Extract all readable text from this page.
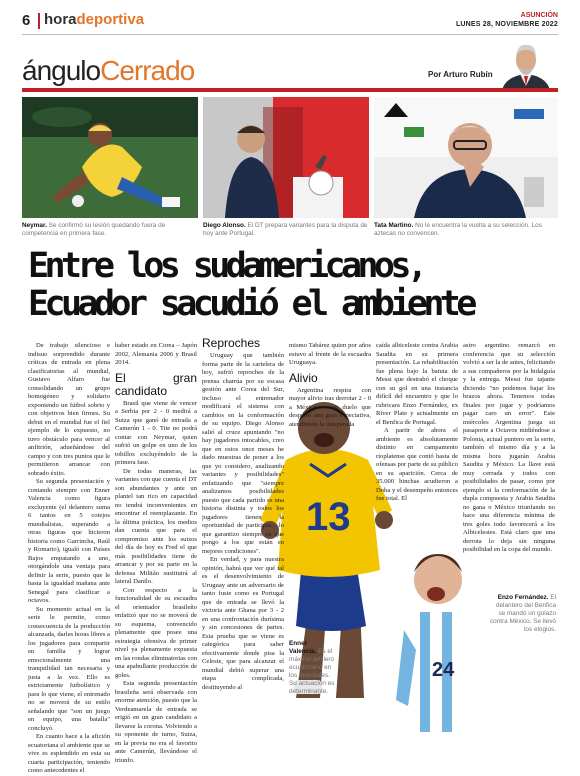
6 horadeportiva	ASUNCIÓN
LUNES 28, NOVIEMBRE 2022
ánguloCerrado	Por Arturo Rubín
Neymar. Se confirmó su lesión quedando fuera de competencia en primera fase.
Diego Alonso. El DT prepara variantes para la disputa de hoy ante Portugal.
Tata Martino. No le encuentra la vuelta a su selección. Los aztecas no convencen.
Entre los sudamericanos,
Ecuador sacudió el ambiente
13
24

De trabajo silencioso e indisuo sorprendido durante críticas de entrada en plena clasificatorias al mundial, Gustavo Alfaro fue consolidando un grupo homogéneo y solidario exponiendo un fútbol sobrio y con objetivos bien firmes. Su debut en el mundial fue el fiel ejemplo de lo expuesto, no tuvo obstáculo para vencer al anfitrión, adueñándose del campo y con tres puntos que le permitieron arrancar con sobrado éxito.

Su segunda presentación y contando siempre con Enner Valencia como figura excluyente (el delantero suma 6 tantos en 5 cotejos mundialistas, superando a otras figuras que hicieron historia como Garrincha, Raúl y Romario), igualó con Países Bajos empatando a uno, otorgándole una ventaja para definir la serie, puesto que le basta la igualdad mañana ante Senegal para clasificar a octavos.

Su momento actual en la serie le permite, como consecuencia de la producción alcanzada, darles horas libres a los jugadores para compartir en familia y lograr emocionalmente una tranquilidad tan necesaria y justa a la vez. Ello es estrictamente futbolístico y para lo que viene, el entrenado no se moverá de su estilo señalando que "son un juego en equipo, una batalla" concluyó.

En cuanto hace a la afición ecuatoriana el ambiente que se vive es esplendido en esta su cuarta participación, teniendo como antecedentes el

haber estado en Corea – Japón 2002, Alemania 2006 y Brasil 2014.

El gran candidato

Brasil que viene de vencer a Serbia por 2 - 0 medirá a Suiza que ganó de entrada a Camerún 1 - 0. Tite no podrá contar con Neymar, quien sufrió un golpe en uno de los tobillos excluyéndolo de la primera fase.

De todas maneras, las variantes con que cuenta el DT son abundantes y ante un plantel tan rico en capacidad no tendrá inconvenientes en encontrar el reemplazante. En la última práctica, los medios dan cuenta que para el compromiso ante los suizos del día de hoy es Fred el que más posibilidades tiene de arrancar y por su parte en la defensa Militão sustituirá al lateral Danilo.

Con respecto a la funcionalidad de su escuadra el orientador brasileño enfatizó que no se moverá de su esquema, convencido plenamente que posee una estrategia ofensiva de primer nivel ya plenamente expuesta en las rondas eliminatorias con una apabullante producción de goles.

Esta segunda presentación brasileña será observada con enorme atención, puesto que la Verdeamarela de entrada se erigió en un gran candidato a llevarse la corona. Volviendo a su oponente de turno, Suiza, en la previa no era el favorito ante Camerún, llevándose el triunfo.

Reproches

Uruguay que también forma parte de la cartelera de hoy, sufrió reproches de la prensa charrúa por su escasa gestión ante Corea del Sur, incluso el entrenador modificará el sistema con cambios en la conformación de su equipo. Diego Alonso salió al cruce apuntando "no hay jugadores intocables, creo que en estos once meses he dado muestras de poner a los que yo considero, analizando variantes y posibilidades" enfatizando que "siempre analizamos posibilidades puesto que cada partido es una historia distinta y todos los jugadores tienen la oportunidad de participar... lo que garantizo siempre es que pongo a los que están en mejores condiciones".

En verdad, y para nuestra opinión, habrá que ver qué tal es el desenvolvimiento de Uruguay ante un adversario de tanto fuste como es Portugal que de entrada se llevó la victoria ante Ghana por 3 - 2 en una confrontación durísima y sin concesiones de partes. Esta prueba que se viene es categórica para saber efectivamente donde pisa la Celeste, que para alcanzar el mundial debió superar una etapa complicada, destituyendo al

mismo Tabárez quien por años estuvo al frente de la escuadra Uruguaya.

Alivio

Argentina respira con mayor alivio tras derrotar 2 - 0 a México en un duelo que despertó una gran expectativa, atendiendo la inesperada

caída albiceleste contra Arabia Saudita en su primera presentación. La rehabilitación fue plena bajo la batuta de Messi que destrabó el choque con su gol en una instancia difícil del encuentro y que lo rubricara Enzo Fernández, ex River Plate y actualmente en el Benfica de Portugal.

A partir de ahora el ambiente es absolutamente distinto en campamento rioplatense que contó hasta de ofensas por parte de su público en su aparición. Cerca de 35.000 hinchas acudieron a Doha y el desempeño entonces fue total. El

astro argentino remarcó en conferencia que su selección volvió a ser la de antes, felicitando a sus compañeros por la hidalguía y la entrega. Messi fue tajante diciendo "no podemos bajar los brazos ahora. Tenemos todas finales por jugar y podríamos pagar caro un error". Este miércoles Argentina juega su pasaporte a Octavos midiéndose a Polonia, actual puntero en la serie, también el mismo día y a la misma hora jugarán Arabia Saudita y México. La llave está muy cerrada y todos con posibilidades de pasar, como por ejemplo si la conformación de la dupla compuesta y Arabia Saudita no gana o México triunfando no hace una diferencia mínima de tres goles todo favorecerá a los Albicelestes. Está claro que una derrota lo deja sin ninguna posibilidad en la copa del mundo.

Enner Valencia. Es el máximo artillero ecuatoriano en los mundiales. Su actuación es determinante.
Enzo Fernández. El delantero del Benfica se mandó un golazo contra México. Se llevó los elogios.
